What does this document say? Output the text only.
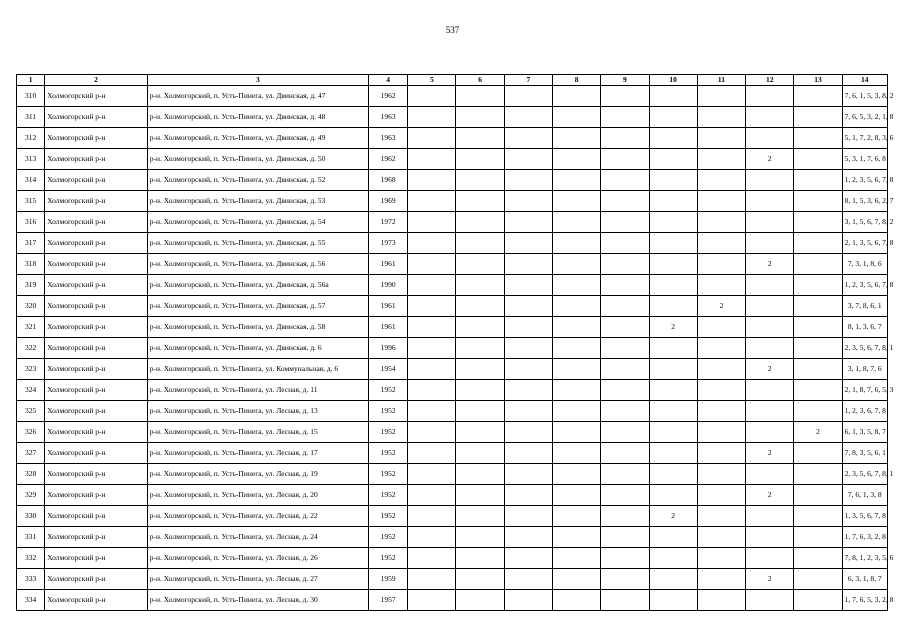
537
1	2	3	4	5	6	7	8	9	10	11	12	13	14
310	Холмогорский р-н	р-н. Холмогорский, п. Усть-Пинега, ул. Двинская, д. 47	1962										7, 6, 1, 5, 3, 8, 2
311	Холмогорский р-н	р-н. Холмогорский, п. Усть-Пинега, ул. Двинская, д. 48	1963										7, 6, 5, 3, 2, 1, 8
312	Холмогорский р-н	р-н. Холмогорский, п. Усть-Пинега, ул. Двинская, д. 49	1963										5, 1, 7, 2, 8, 3, 6
313	Холмогорский р-н	р-н. Холмогорский, п. Усть-Пинега, ул. Двинская, д. 50	1962								2		5, 3, 1, 7, 6, 8
314	Холмогорский р-н	р-н. Холмогорский, п. Усть-Пинега, ул. Двинская, д. 52	1968										1, 2, 3, 5, 6, 7, 8
315	Холмогорский р-н	р-н. Холмогорский, п. Усть-Пинега, ул. Двинская, д. 53	1969										8, 1, 5, 3, 6, 2, 7
316	Холмогорский р-н	р-н. Холмогорский, п. Усть-Пинега, ул. Двинская, д. 54	1972										3, 1, 5, 6, 7, 8, 2
317	Холмогорский р-н	р-н. Холмогорский, п. Усть-Пинега, ул. Двинская, д. 55	1973										2, 1, 3, 5, 6, 7, 8
318	Холмогорский р-н	р-н. Холмогорский, п. Усть-Пинега, ул. Двинская, д. 56	1961								2		7, 3, 1, 8, 6
319	Холмогорский р-н	р-н. Холмогорский, п. Усть-Пинега, ул. Двинская, д. 56а	1990										1, 2, 3, 5, 6, 7, 8
320	Холмогорский р-н	р-н. Холмогорский, п. Усть-Пинега, ул. Двинская, д. 57	1961							2			3, 7, 8, 6, 1
321	Холмогорский р-н	р-н. Холмогорский, п. Усть-Пинега, ул. Двинская, д. 58	1961						2				8, 1, 3, 6, 7
322	Холмогорский р-н	р-н. Холмогорский, п. Усть-Пинега, ул. Двинская, д. 6	1996										2, 3, 5, 6, 7, 8, 1
323	Холмогорский р-н	р-н. Холмогорский, п. Усть-Пинега, ул. Коммунальная, д. 6	1954								2		3, 1, 8, 7, 6
324	Холмогорский р-н	р-н. Холмогорский, п. Усть-Пинега, ул. Лесная, д. 11	1952										2, 1, 8, 7, 6, 5, 3
325	Холмогорский р-н	р-н. Холмогорский, п. Усть-Пинега, ул. Лесная, д. 13	1952										1, 2, 3, 6, 7, 8
326	Холмогорский р-н	р-н. Холмогорский, п. Усть-Пинега, ул. Лесная, д. 15	1952									2	6, 1, 3, 5, 8, 7
327	Холмогорский р-н	р-н. Холмогорский, п. Усть-Пинега, ул. Лесная, д. 17	1952								2		7, 8, 3, 5, 6, 1
328	Холмогорский р-н	р-н. Холмогорский, п. Усть-Пинега, ул. Лесная, д. 19	1952										2, 3, 5, 6, 7, 8, 1
329	Холмогорский р-н	р-н. Холмогорский, п. Усть-Пинега, ул. Лесная, д. 20	1952								2		7, 6, 1, 3, 8
330	Холмогорский р-н	р-н. Холмогорский, п. Усть-Пинега, ул. Лесная, д. 22	1952						2				1, 3, 5, 6, 7, 8
331	Холмогорский р-н	р-н. Холмогорский, п. Усть-Пинега, ул. Лесная, д. 24	1952										1, 7, 6, 3, 2, 8
332	Холмогорский р-н	р-н. Холмогорский, п. Усть-Пинега, ул. Лесная, д. 26	1952										7, 8, 1, 2, 3, 5, 6
333	Холмогорский р-н	р-н. Холмогорский, п. Усть-Пинега, ул. Лесная, д. 27	1959								2		6, 3, 1, 8, 7
334	Холмогорский р-н	р-н. Холмогорский, п. Усть-Пинега, ул. Лесная, д. 30	1957										1, 7, 6, 5, 3, 2, 8
